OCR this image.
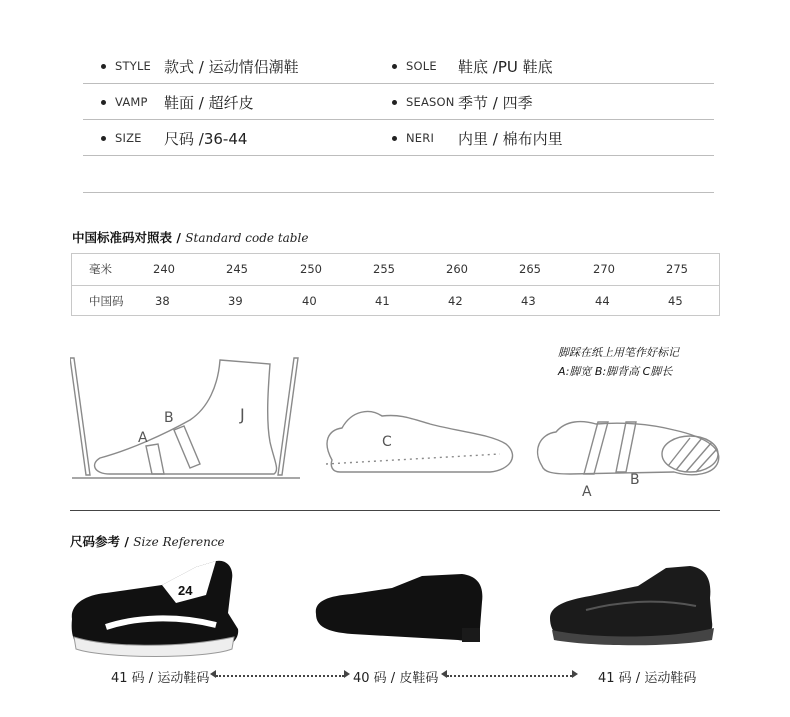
STYLE 款式 / 运动情侣潮鞋	SOLE 鞋底 /PU 鞋底
VAMP 鞋面 / 超纤皮	SEASON 季节 / 四季
SIZE 尺码 /36-44	NERI 内里 / 棉布内里
中国标准码对照表 / Standard code table
毫米	240	245	250	255	260	265	270	275
中国码	38	39	40	41	42	43	44	45
A
B	J
C
A
B
脚踩在纸上用笔作好标记
A:脚宽 B:脚背高 C脚长
尺码参考 / Size Reference
24
41 码 / 运动鞋码	40 码 / 皮鞋码	41 码 / 运动鞋码
